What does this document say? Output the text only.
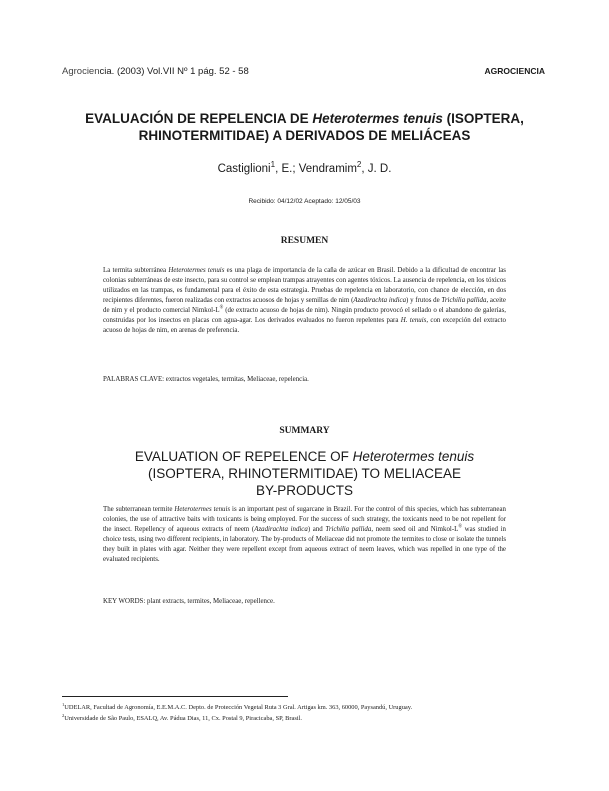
Agrociencia. (2003) Vol.VII Nº 1 pág. 52 - 58	AGROCIENCIA
EVALUACIÓN DE REPELENCIA DE Heterotermes tenuis (ISOPTERA,
RHINOTERMITIDAE) A DERIVADOS DE MELIÁCEAS
Castiglioni$^1$, E.; Vendramim$^2$, J. D.
Recibido: 04/12/02 Aceptado: 12/05/03
RESUMEN

La termita subterránea Heterotermes tenuis es una plaga de importancia de la caña de azúcar en Brasil. Debido a la dificultad de encontrar las colonias subterráneas de este insecto, para su control se emplean trampas atrayentes con agentes tóxicos. La ausencia de repelencia, en los tóxicos utilizados en las trampas, es fundamental para el éxito de esta estrategia. Pruebas de repelencia en laboratorio, con chance de elección, en dos recipientes diferentes, fueron realizadas con extractos acuosos de hojas y semillas de nim (Azadirachta indica) y frutos de Trichilia pallida, aceite de nim y el producto comercial Nimkol-L® (de extracto acuoso de hojas de nim). Ningún producto provocó el sellado o el abandono de galerías, construidas por los insectos en placas con agua-agar. Los derivados evaluados no fueron repelentes para H. tenuis, con excepción del extracto acuoso de hojas de nim, en arenas de preferencia.

PALABRAS CLAVE: extractos vegetales, termitas, Meliaceae, repelencia.

SUMMARY
EVALUATION OF REPELENCE OF Heterotermes tenuis
(ISOPTERA, RHINOTERMITIDAE) TO MELIACEAE
BY-PRODUCTS

The subterranean termite Heterotermes tenuis is an important pest of sugarcane in Brazil. For the control of this species, which has subterranean colonies, the use of attractive baits with toxicants is being employed. For the success of such strategy, the toxicants need to be not repellent for the insect. Repellency of aqueous extracts of neem (Azadirachta indica) and Trichilia pallida, neem seed oil and Nimkol-L® was studied in choice tests, using two different recipients, in laboratory. The by-products of Meliaceae did not promote the termites to close or isolate the tunnels they built in plates with agar. Neither they were repellent except from aqueous extract of neem leaves, which was repelled in one type of the evaluated recipients.

KEY WORDS: plant extracts, termites, Meliaceae, repellence.

$^1$UDELAR, Facultad de Agronomía, E.E.M.A.C. Depto. de Protección Vegetal Ruta 3 Gral. Artigas km. 363, 60000, Paysandú, Uruguay.
$^2$Universidade de São Paulo, ESALQ, Av. Pádua Dias, 11, Cx. Postal 9, Piracicaba, SP, Brasil.
